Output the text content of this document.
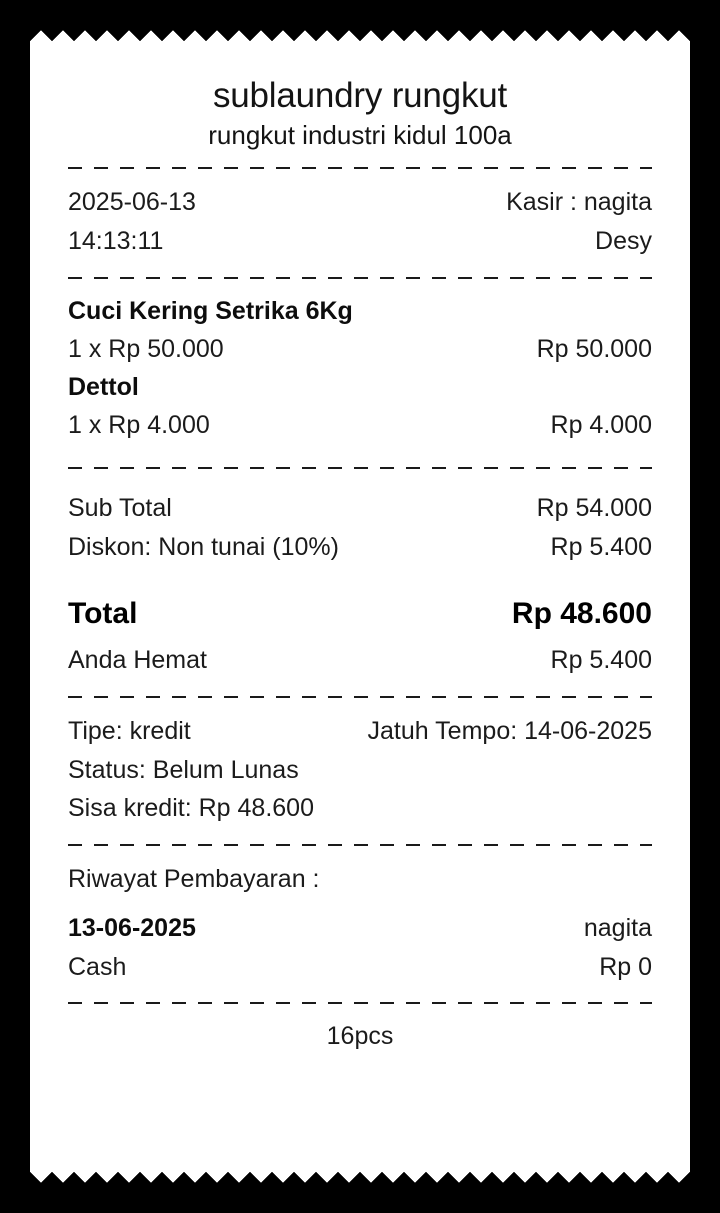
sublaundry rungkut
rungkut industri kidul 100a
2025-06-13	Kasir : nagita
14:13:11	Desy
Cuci Kering Setrika 6Kg
1 x Rp 50.000	Rp 50.000
Dettol
1 x Rp 4.000	Rp 4.000
Sub Total	Rp 54.000
Diskon: Non tunai (10%)	Rp 5.400
Total	Rp 48.600
Anda Hemat	Rp 5.400
Tipe: kredit	Jatuh Tempo: 14-06-2025
Status: Belum Lunas
Sisa kredit: Rp 48.600
Riwayat Pembayaran :
13-06-2025	nagita
Cash	Rp 0
16pcs
